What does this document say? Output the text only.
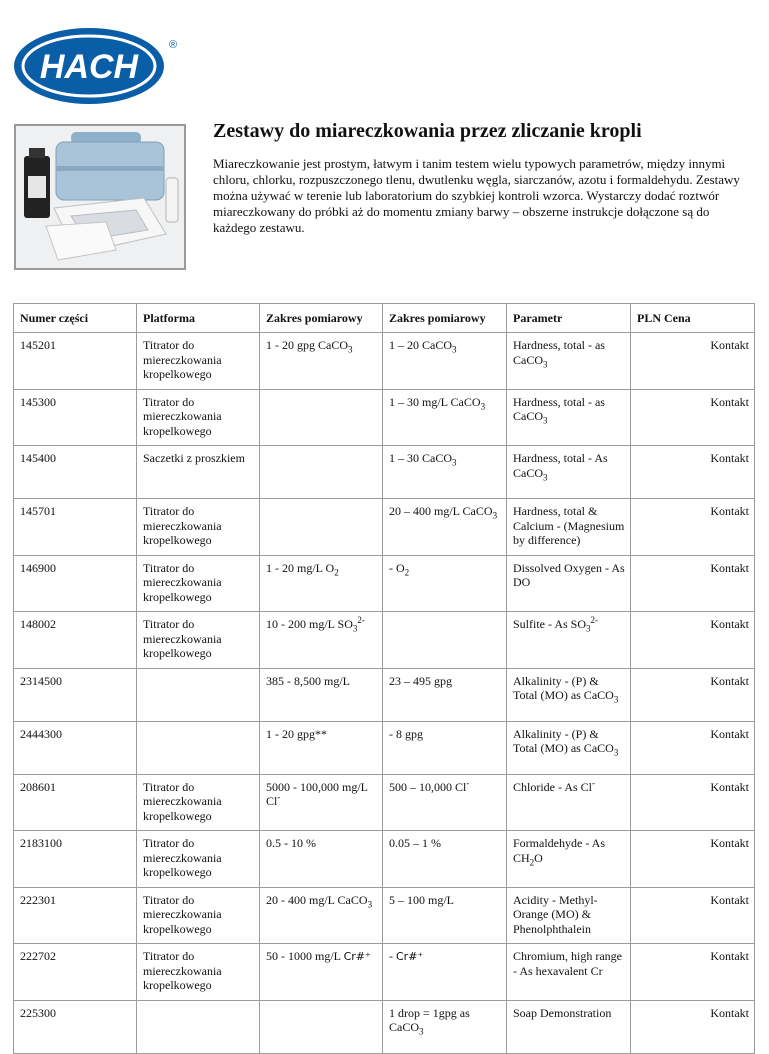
HACH
®
Zestawy do miareczkowania przez zliczanie kropli

Miareczkowanie jest prostym, łatwym i tanim testem wielu typowych parametrów, między innymi chloru, chlorku, rozpuszczonego tlenu, dwutlenku węgla, siarczanów, azotu i formaldehydu. Zestawy można używać w terenie lub laboratorium do szybkiej kontroli wzorca. Wystarczy dodać roztwór miareczkowany do próbki aż do momentu zmiany barwy – obszerne instrukcje dołączone są do każdego zestawu.

Numer części	Platforma	Zakres pomiarowy	Zakres pomiarowy	Parametr	PLN Cena
145201	Titrator do miereczkowania kropelkowego	1 - 20 gpg CaCO$_3$	1 – 20 CaCO$_3$	Hardness, total - as CaCO$_3$	Kontakt
145300	Titrator do miereczkowania kropelkowego		1 – 30 mg/L CaCO$_3$	Hardness, total - as CaCO$_3$	Kontakt
145400	Saczetki z proszkiem		1 – 30 CaCO$_3$	Hardness, total - As CaCO$_3$	Kontakt
145701	Titrator do miereczkowania kropelkowego		20 – 400 mg/L CaCO$_3$	Hardness, total & Calcium - (Magnesium by difference)	Kontakt
146900	Titrator do miereczkowania kropelkowego	1 - 20 mg/L $O_2$	- $O_2$	Dissolved Oxygen - As DO	Kontakt
148002	Titrator do miereczkowania kropelkowego	10 - 200 mg/L $SO_3^{2-}$		Sulfite - As $SO_3^{2-}$	Kontakt
2314500		385 - 8,500 mg/L	23 – 495 gpg	Alkalinity - (P) & Total (MO) as CaCO$_3$	Kontakt
2444300		1 - 20 gpg**	- 8 gpg	Alkalinity - (P) & Total (MO) as CaCO$_3$	Kontakt
208601	Titrator do miereczkowania kropelkowego	5000 - 100,000 mg/L Cl-	500 – 10,000 Cl-	Chloride - As Cl-	Kontakt
2183100	Titrator do miereczkowania kropelkowego	0.5 - 10 %	0.05 – 1 %	Formaldehyde - As $CH_2O$	Kontakt
222301	Titrator do miereczkowania kropelkowego	20 - 400 mg/L CaCO$_3$	5 – 100 mg/L	Acidity - Methyl-Orange (MO) & Phenolphthalein	Kontakt
222702	Titrator do miereczkowania kropelkowego	50 - 1000 mg/L Cr#⁺	- Cr#⁺	Chromium, high range - As hexavalent Cr	Kontakt
225300			1 drop = 1gpg as CaCO$_3$	Soap Demonstration	Kontakt
